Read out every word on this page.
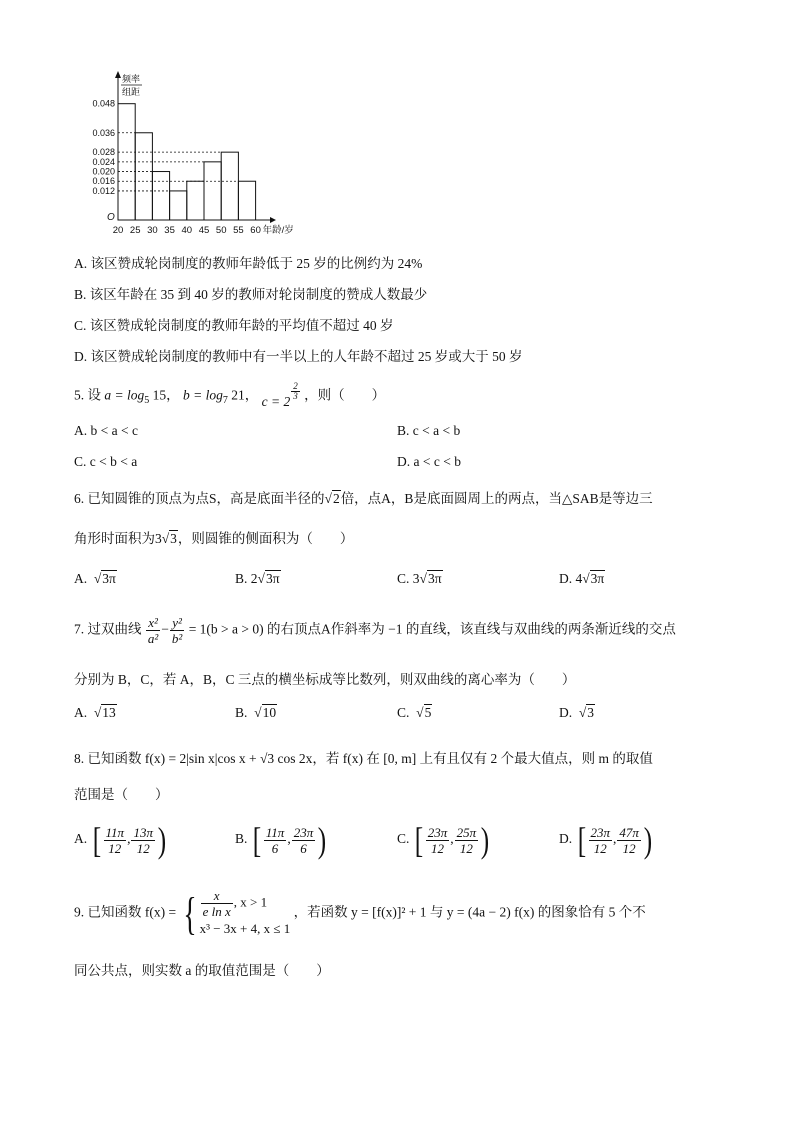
频率
组距
O
0.048
0.036
0.028
0.024
0.020
0.016
0.012
20 25 30 35 40 45 50 55 60 年龄/岁
A. 该区赞成轮岗制度的教师年龄低于 25 岁的比例约为 24%
B. 该区年龄在 35 到 40 岁的教师对轮岗制度的赞成人数最少
C. 该区赞成轮岗制度的教师年龄的平均值不超过 40 岁
D. 该区赞成轮岗制度的教师中有一半以上的人年龄不超过 25 岁或大于 50 岁
5. 设 $a = \log_5 15$， $b = \log_7 21$， c = 2 $^{\frac{2}{3}}$ ，则（　　）
A. b < a < c	B. c < a < b
C. c < b < a	D. a < c < b
6. 已知圆锥的顶点为点S，高是底面半径的√2倍，点A，B是底面圆周上的两点，当△SAB是等边三
角形时面积为3√3，则圆锥的侧面积为（　　）
A.  √3π	B. 2√3π	C. 3√3π	D. 4√3π
7. 过双曲线 $\frac{\text{x²}}{\text{a²}} - \frac{\text{y²}}{\text{b²}} = 1(b > a > 0)$ 的右顶点A作斜率为 −1 的直线，该直线与双曲线的两条渐近线的交点
分别为 B，C，若 A，B，C 三点的横坐标成等比数列，则双曲线的离心率为（　　）
A.  √13	B.  √10	C.  √5	D.  √3
8. 已知函数 f(x) = 2|sin x|cos x + √3 cos 2x，若 f(x) 在 [0, m] 上有且仅有 2 个最大值点，则 m 的取值
范围是（　　）
A. [ $\frac{11\pi}{12}$ , $\frac{13\pi}{12}$ )	B. [ $\frac{11\pi}{6}$ , $\frac{23\pi}{6}$ )	C. [ $\frac{23\pi}{12}$ , $\frac{25\pi}{12}$ )	D. [ $\frac{23\pi}{12}$ , $\frac{47\pi}{12}$ )
9. 已知函数 f(x) = { $\frac{x}{\text{e ln x}}$ , x > 1
x³ − 3x + 4, x ≤ 1
，若函数 y = [f(x)]² + 1 与 y = (4a − 2) f(x) 的图象恰有 5 个不
同公共点，则实数 a 的取值范围是（　　）
